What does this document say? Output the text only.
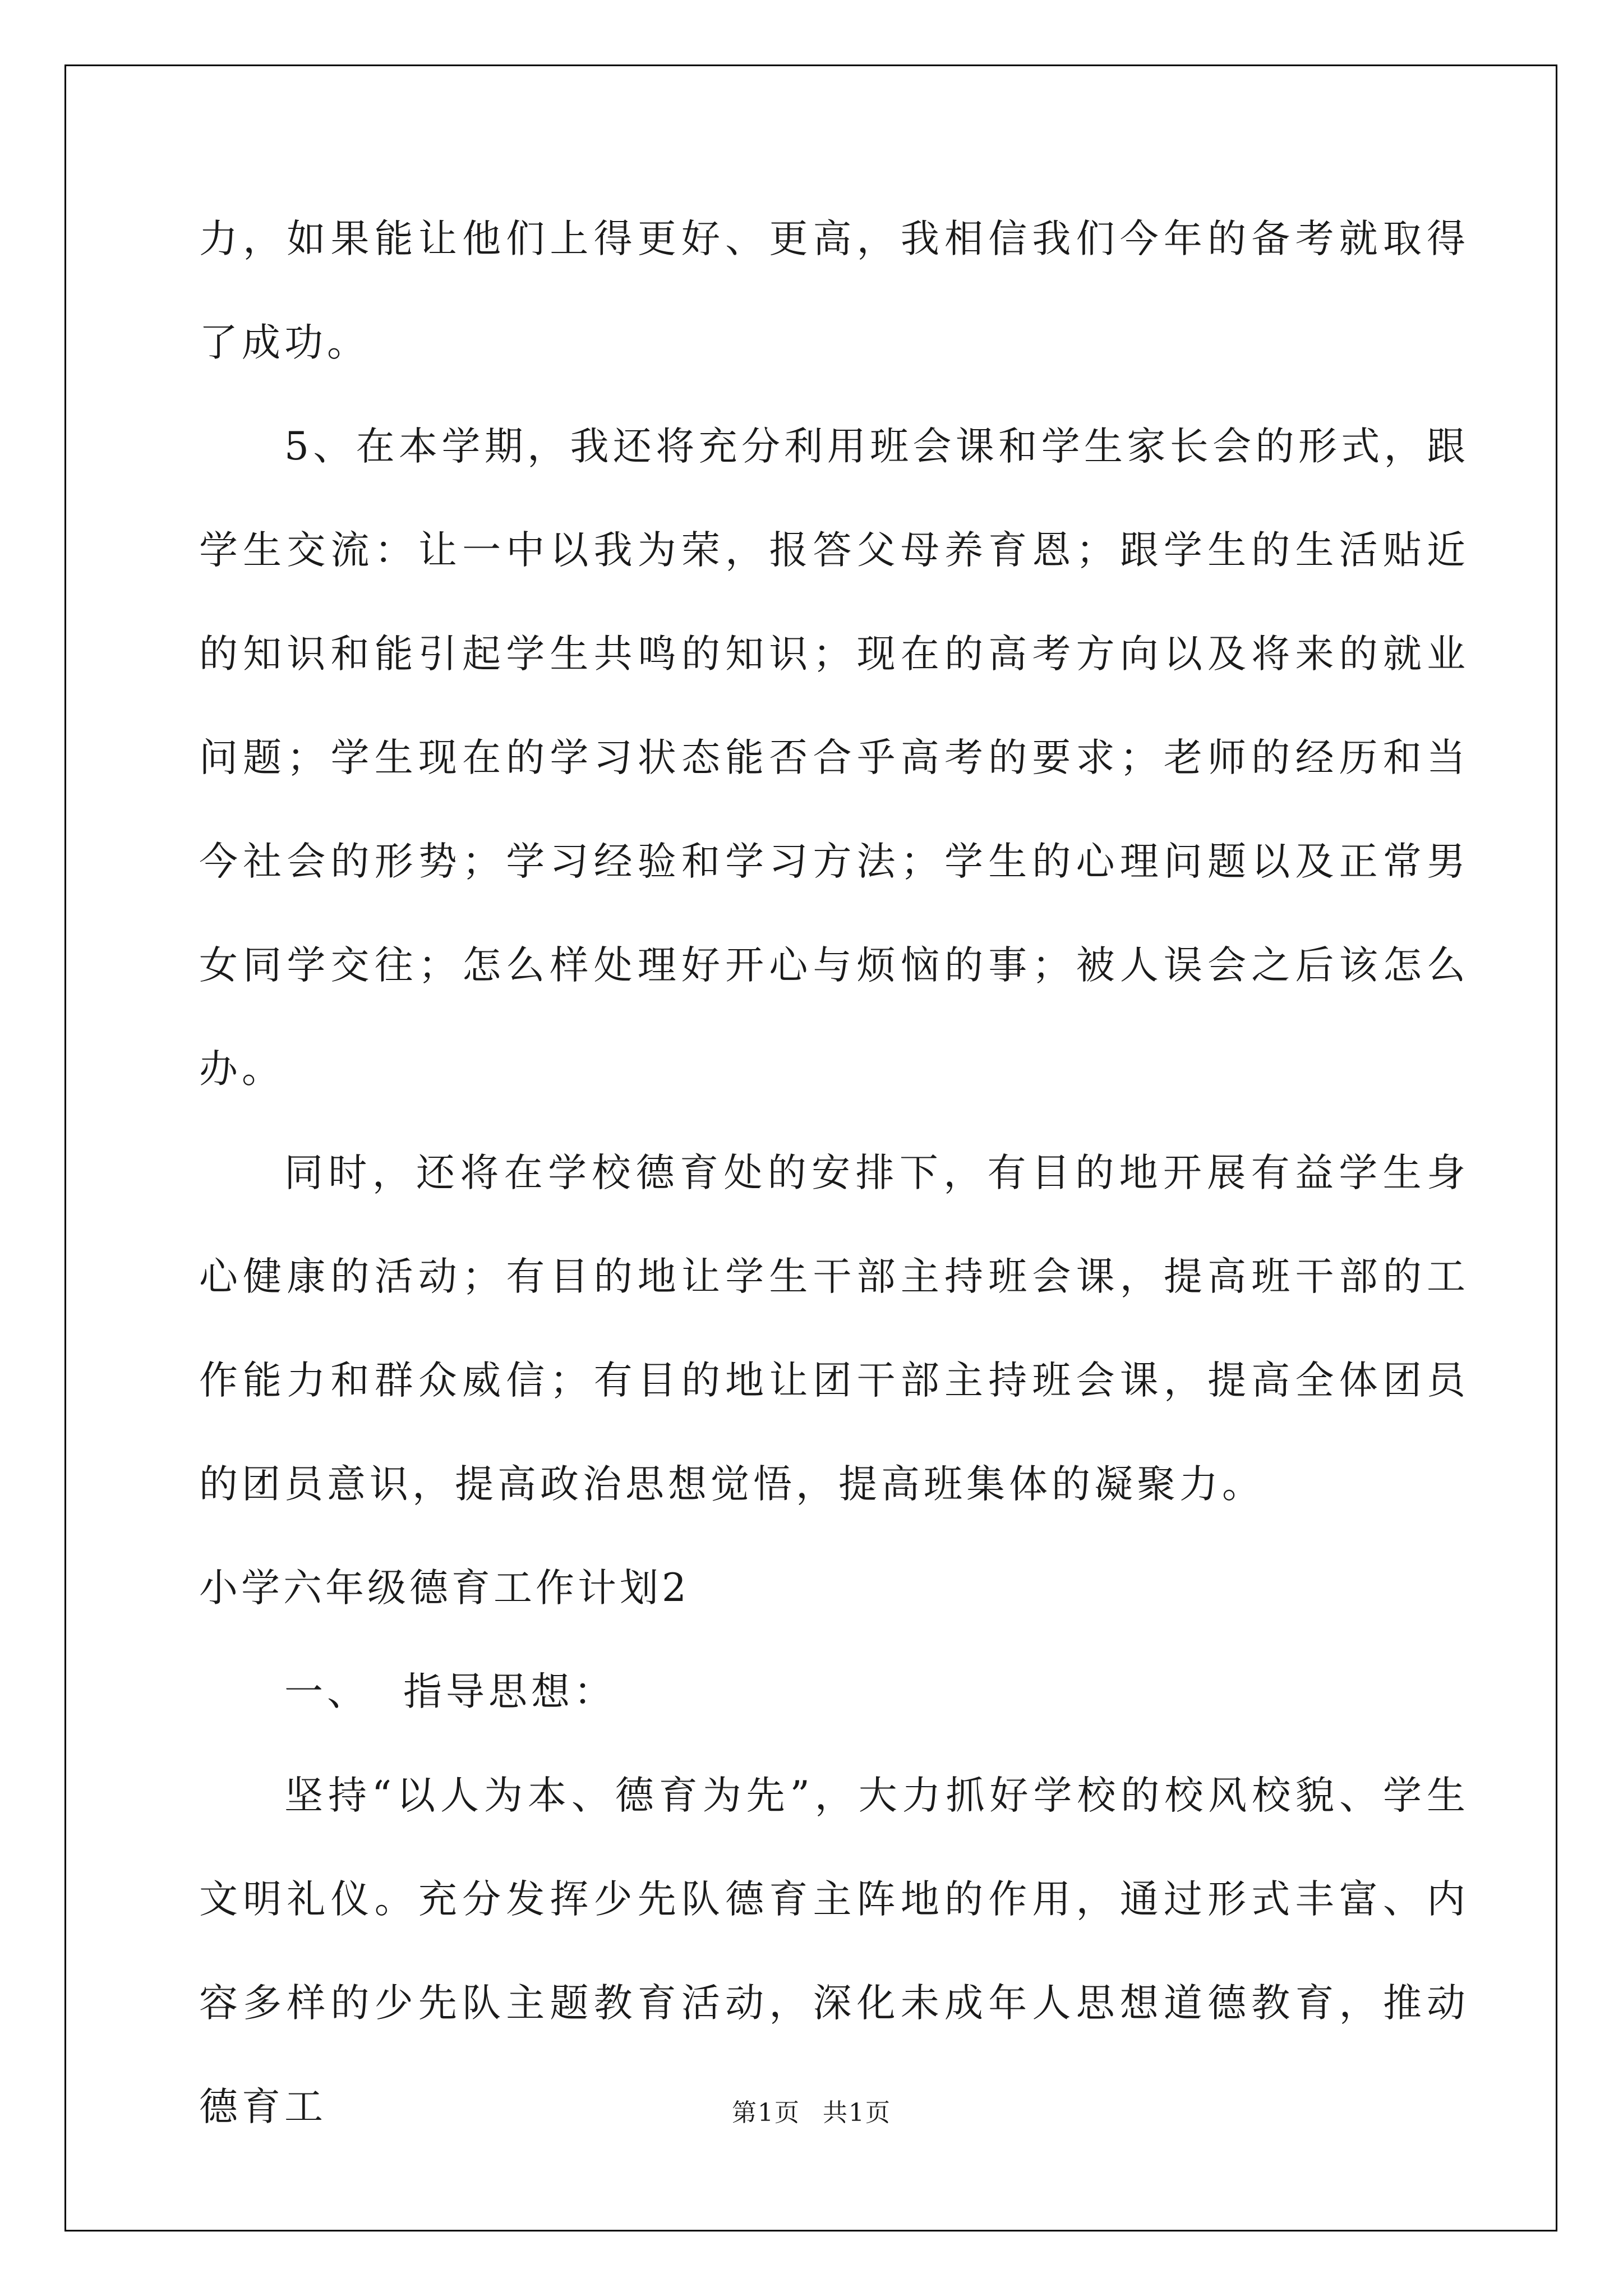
力，如果能让他们上得更好、更高，我相信我们今年的备考就取得了成功。

5、在本学期，我还将充分利用班会课和学生家长会的形式，跟学生交流：让一中以我为荣，报答父母养育恩；跟学生的生活贴近的知识和能引起学生共鸣的知识；现在的高考方向以及将来的就业问题；学生现在的学习状态能否合乎高考的要求；老师的经历和当今社会的形势；学习经验和学习方法；学生的心理问题以及正常男女同学交往；怎么样处理好开心与烦恼的事；被人误会之后该怎么办。

同时，还将在学校德育处的安排下，有目的地开展有益学生身心健康的活动；有目的地让学生干部主持班会课，提高班干部的工作能力和群众威信；有目的地让团干部主持班会课，提高全体团员的团员意识，提高政治思想觉悟，提高班集体的凝聚力。

小学六年级德育工作计划2

一、 指导思想：

坚持“以人为本、德育为先”，大力抓好学校的校风校貌、学生文明礼仪。充分发挥少先队德育主阵地的作用，通过形式丰富、内容多样的少先队主题教育活动，深化未成年人思想道德教育，推动德育工	第1页 共1页
